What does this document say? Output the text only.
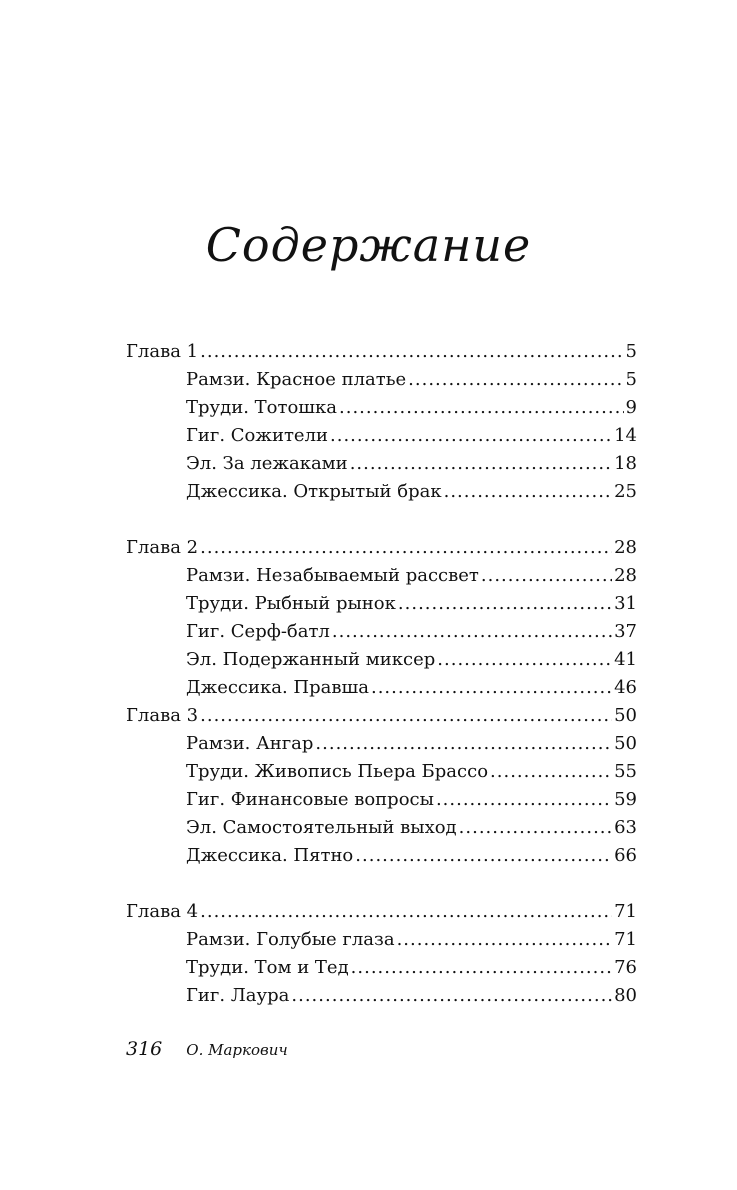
Содержание
Глава 1 .....	5
Рамзи. Красное платье .....	5
Труди. Тотошка .....	9
Гиг. Сожители .....	14
Эл. За лежаками .....	18
Джессика. Открытый брак .....	25
Глава 2 .....	28
Рамзи. Незабываемый рассвет .....	28
Труди. Рыбный рынок .....	31
Гиг. Серф-батл .....	37
Эл. Подержанный миксер .....	41
Джессика. Правша .....	46
Глава 3 .....	50
Рамзи. Ангар .....	50
Труди. Живопись Пьера Брассо .....	55
Гиг. Финансовые вопросы .....	59
Эл. Самостоятельный выход .....	63
Джессика. Пятно .....	66
Глава 4 .....	71
Рамзи. Голубые глаза .....	71
Труди. Том и Тед .....	76
Гиг. Лаура .....	80
316 О. Маркович
